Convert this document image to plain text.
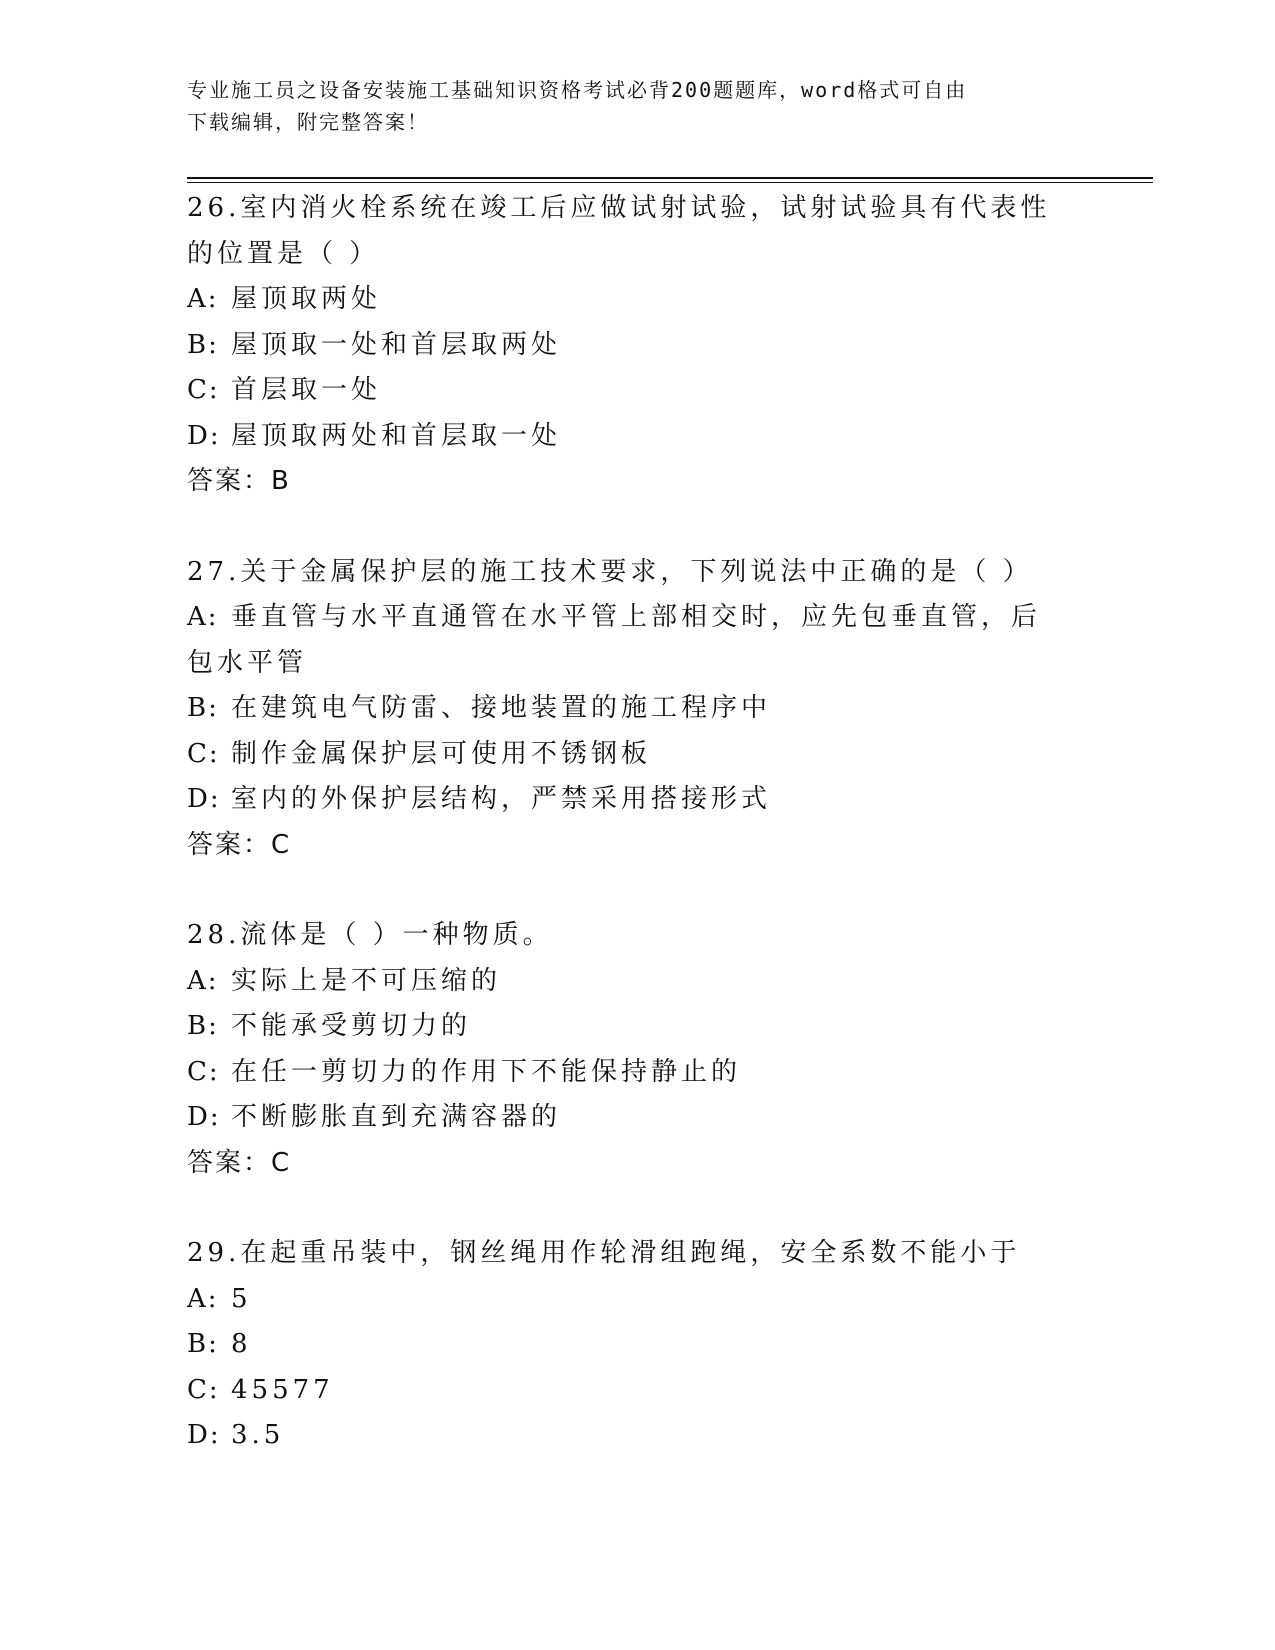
专业施工员之设备安装施工基础知识资格考试必背200题题库，word格式可自由
下载编辑，附完整答案！
26.室内消火栓系统在竣工后应做试射试验，试射试验具有代表性的位置是（ ）
A: 屋顶取两处
B: 屋顶取一处和首层取两处
C: 首层取一处
D: 屋顶取两处和首层取一处
答案：B
27.关于金属保护层的施工技术要求，下列说法中正确的是（ ）
A: 垂直管与水平直通管在水平管上部相交时，应先包垂直管，后包水平管
B: 在建筑电气防雷、接地装置的施工程序中
C: 制作金属保护层可使用不锈钢板
D: 室内的外保护层结构，严禁采用搭接形式
答案：C
28.流体是（ ）一种物质。
A: 实际上是不可压缩的
B: 不能承受剪切力的
C: 在任一剪切力的作用下不能保持静止的
D: 不断膨胀直到充满容器的
答案：C
29.在起重吊装中，钢丝绳用作轮滑组跑绳，安全系数不能小于
A: 5
B: 8
C: 45577
D: 3.5
